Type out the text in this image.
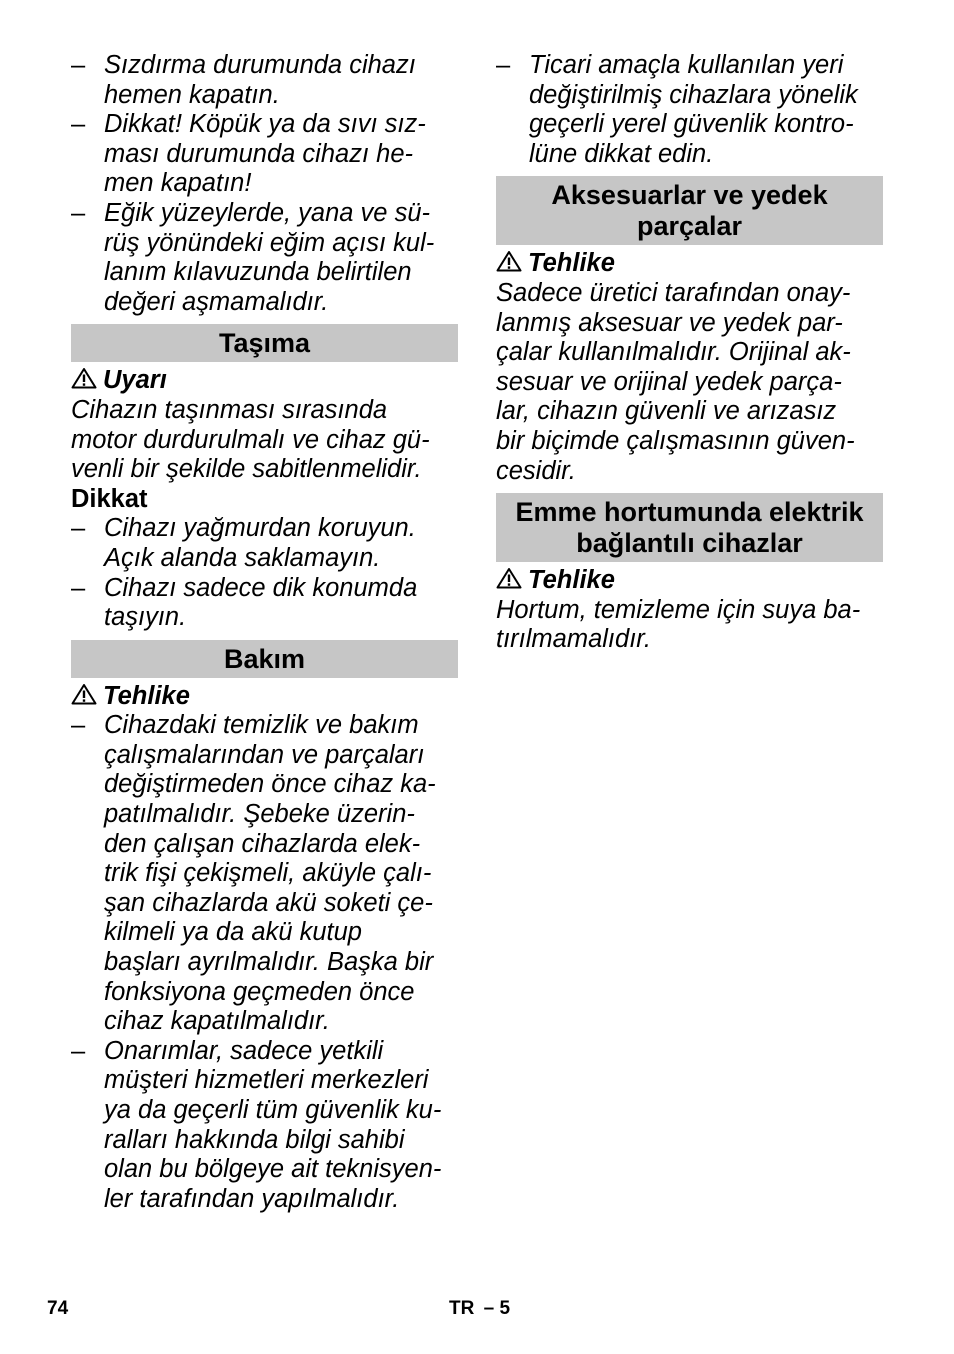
– Sızdırma durumunda cihazı
hemen kapatın.
– Dikkat! Köpük ya da sıvı sız-
ması durumunda cihazı he-
men kapatın!
– Eğik yüzeylerde, yana ve sü-
rüş yönündeki eğim açısı kul-
lanım kılavuzunda belirtilen
değeri aşmamalıdır.
Taşıma
Uyarı
Cihazın taşınması sırasında
motor durdurulmalı ve cihaz gü-
venli bir şekilde sabitlenmelidir.
Dikkat
– Cihazı yağmurdan koruyun.
Açık alanda saklamayın.
– Cihazı sadece dik konumda
taşıyın.
Bakım
Tehlike
– Cihazdaki temizlik ve bakım
çalışmalarından ve parçaları
değiştirmeden önce cihaz ka-
patılmalıdır. Şebeke üzerin-
den çalışan cihazlarda elek-
trik fişi çekişmeli, aküyle çalı-
şan cihazlarda akü soketi çe-
kilmeli ya da akü kutup
başları ayrılmalıdır. Başka bir
fonksiyona geçmeden önce
cihaz kapatılmalıdır.
– Onarımlar, sadece yetkili
müşteri hizmetleri merkezleri
ya da geçerli tüm güvenlik ku-
ralları hakkında bilgi sahibi
olan bu bölgeye ait teknisyen-
ler tarafından yapılmalıdır.
– Ticari amaçla kullanılan yeri
değiştirilmiş cihazlara yönelik
geçerli yerel güvenlik kontro-
lüne dikkat edin.
Aksesuarlar ve yedek
parçalar
Tehlike
Sadece üretici tarafından onay-
lanmış aksesuar ve yedek par-
çalar kullanılmalıdır. Orijinal ak-
sesuar ve orijinal yedek parça-
lar, cihazın güvenli ve arızasız
bir biçimde çalışmasının güven-
cesidir.
Emme hortumunda elektrik
bağlantılı cihazlar
Tehlike
Hortum, temizleme için suya ba-
tırılmamalıdır.
74	TR – 5
